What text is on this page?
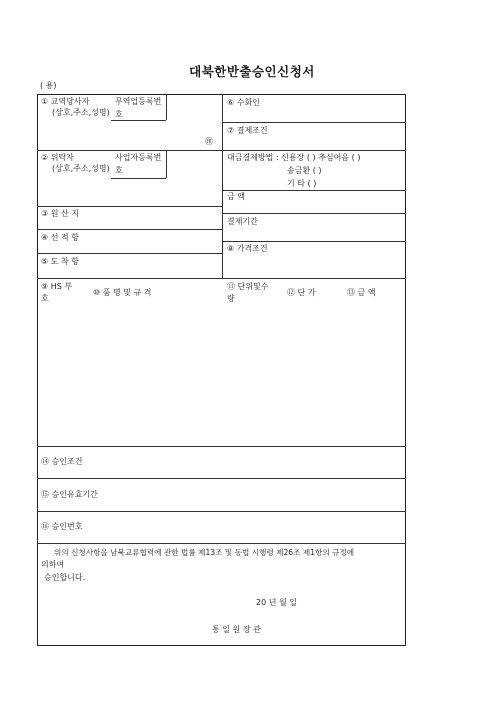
대북한반출승인신청서
( 용)
① 교역당사자
(상호,주소,성명)
무역업등록번
호
㊞
⑥ 수화인
⑦ 결제조건
② 위탁자
(상호,주소,성명)
사업자등록번
호
대금결제방법 : 신용장 ( ) 추심어음 ( )
송금환 ( )
기 타 ( )
금 액
③ 원 산 지
결제기간
④ 선 적 항
⑧ 가격조건
⑤ 도 착 항
⑨ HS 부
호
⑩ 품 명 및 규 격
⑪ 단위및수
량
⑫ 단 가	⑬ 금 액
⑭ 승인조건
⑮ 승인유효기간
⑯ 승인번호
위의 신청사항을 남북교류협력에 관한 법률 제13조 및 동법 시행령 제26조 제1항의 규정에
의하여
승인합니다.
20 년 월 일
통 일 원 장 관
